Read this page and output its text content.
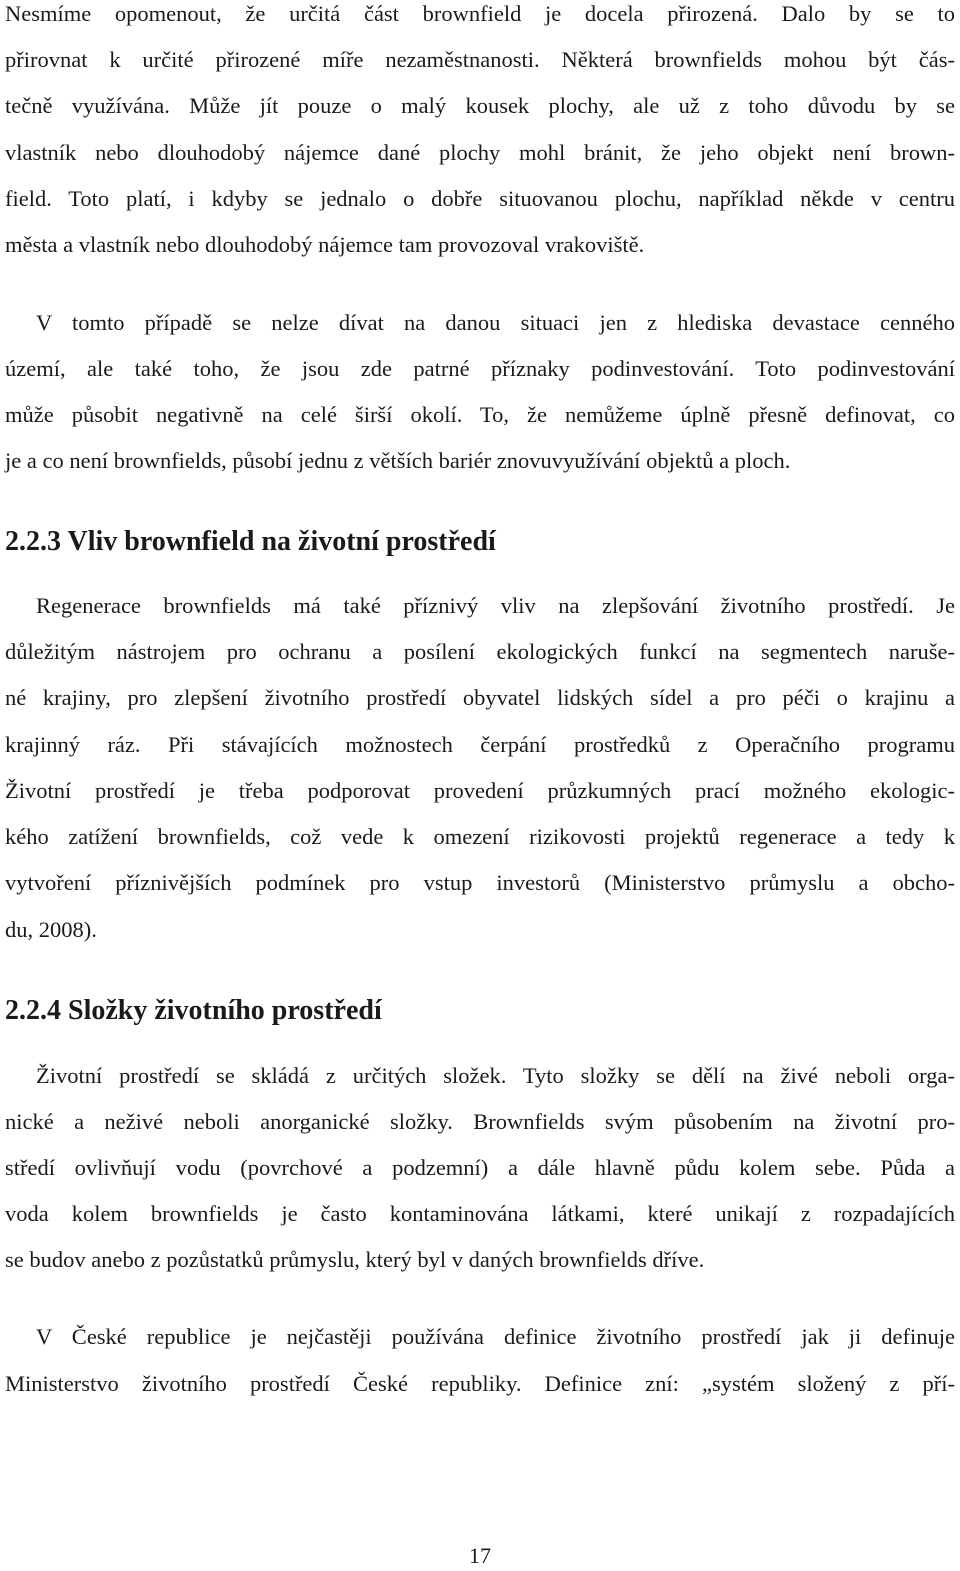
Nesmíme opomenout, že určitá část brownfield je docela přirozená. Dalo by se to
přirovnat k určité přirozené míře nezaměstnanosti. Některá brownfields mohou být čás-
tečně využívána. Může jít pouze o malý kousek plochy, ale už z toho důvodu by se
vlastník nebo dlouhodobý nájemce dané plochy mohl bránit, že jeho objekt není brown-
field. Toto platí, i kdyby se jednalo o dobře situovanou plochu, například někde v centru
města a vlastník nebo dlouhodobý nájemce tam provozoval vrakoviště.
V tomto případě se nelze dívat na danou situaci jen z hlediska devastace cenného
území, ale také toho, že jsou zde patrné příznaky podinvestování. Toto podinvestování
může působit negativně na celé širší okolí. To, že nemůžeme úplně přesně definovat, co
je a co není brownfields, působí jednu z větších bariér znovuvyužívání objektů a ploch.
2.2.3 Vliv brownfield na životní prostředí
Regenerace brownfields má také příznivý vliv na zlepšování životního prostředí. Je
důležitým nástrojem pro ochranu a posílení ekologických funkcí na segmentech naruše-
né krajiny, pro zlepšení životního prostředí obyvatel lidských sídel a pro péči o krajinu a
krajinný ráz. Při stávajících možnostech čerpání prostředků z Operačního programu
Životní prostředí je třeba podporovat provedení průzkumných prací možného ekologic-
kého zatížení brownfields, což vede k omezení rizikovosti projektů regenerace a tedy k
vytvoření příznivějších podmínek pro vstup investorů (Ministerstvo průmyslu a obcho-
du, 2008).
2.2.4 Složky životního prostředí
Životní prostředí se skládá z určitých složek. Tyto složky se dělí na živé neboli orga-
nické a neživé neboli anorganické složky. Brownfields svým působením na životní pro-
středí ovlivňují vodu (povrchové a podzemní) a dále hlavně půdu kolem sebe. Půda a
voda kolem brownfields je často kontaminována látkami, které unikají z rozpadajících
se budov anebo z pozůstatků průmyslu, který byl v daných brownfields dříve.
V České republice je nejčastěji používána definice životního prostředí jak ji definuje
Ministerstvo životního prostředí České republiky. Definice zní: „systém složený z pří-
17
